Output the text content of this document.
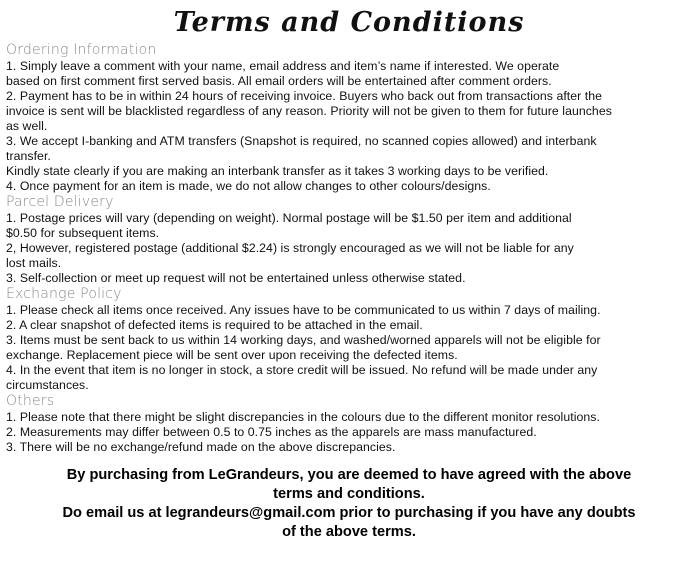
Terms and Conditions
Ordering Information

1. Simply leave a comment with your name, email address and item’s name if interested. We operate

based on first comment first served basis. All email orders will be entertained after comment orders.

2. Payment has to be in within 24 hours of receiving invoice. Buyers who back out from transactions after the

invoice is sent will be blacklisted regardless of any reason. Priority will not be given to them for future launches

as well.

3. We accept I-banking and ATM transfers (Snapshot is required, no scanned copies allowed) and interbank

transfer.

Kindly state clearly if you are making an interbank transfer as it takes 3 working days to be verified.

4. Once payment for an item is made, we do not allow changes to other colours/designs.

Parcel Delivery

1. Postage prices will vary (depending on weight). Normal postage will be $1.50 per item and additional

$0.50 for subsequent items.

2, However, registered postage (additional $2.24) is strongly encouraged as we will not be liable for any

lost mails.

3. Self-collection or meet up request will not be entertained unless otherwise stated.

Exchange Policy

1. Please check all items once received. Any issues have to be communicated to us within 7 days of mailing.

2. A clear snapshot of defected items is required to be attached in the email.

3. Items must be sent back to us within 14 working days, and washed/worned apparels will not be eligible for

exchange. Replacement piece will be sent over upon receiving the defected items.

4. In the event that item is no longer in stock, a store credit will be issued. No refund will be made under any

circumstances.

Others

1. Please note that there might be slight discrepancies in the colours due to the different monitor resolutions.

2. Measurements may differ between 0.5 to 0.75 inches as the apparels are mass manufactured.

3. There will be no exchange/refund made on the above discrepancies.

By purchasing from LeGrandeurs, you are deemed to have agreed with the above

terms and conditions.

Do email us at legrandeurs@gmail.com prior to purchasing if you have any doubts

of the above terms.
